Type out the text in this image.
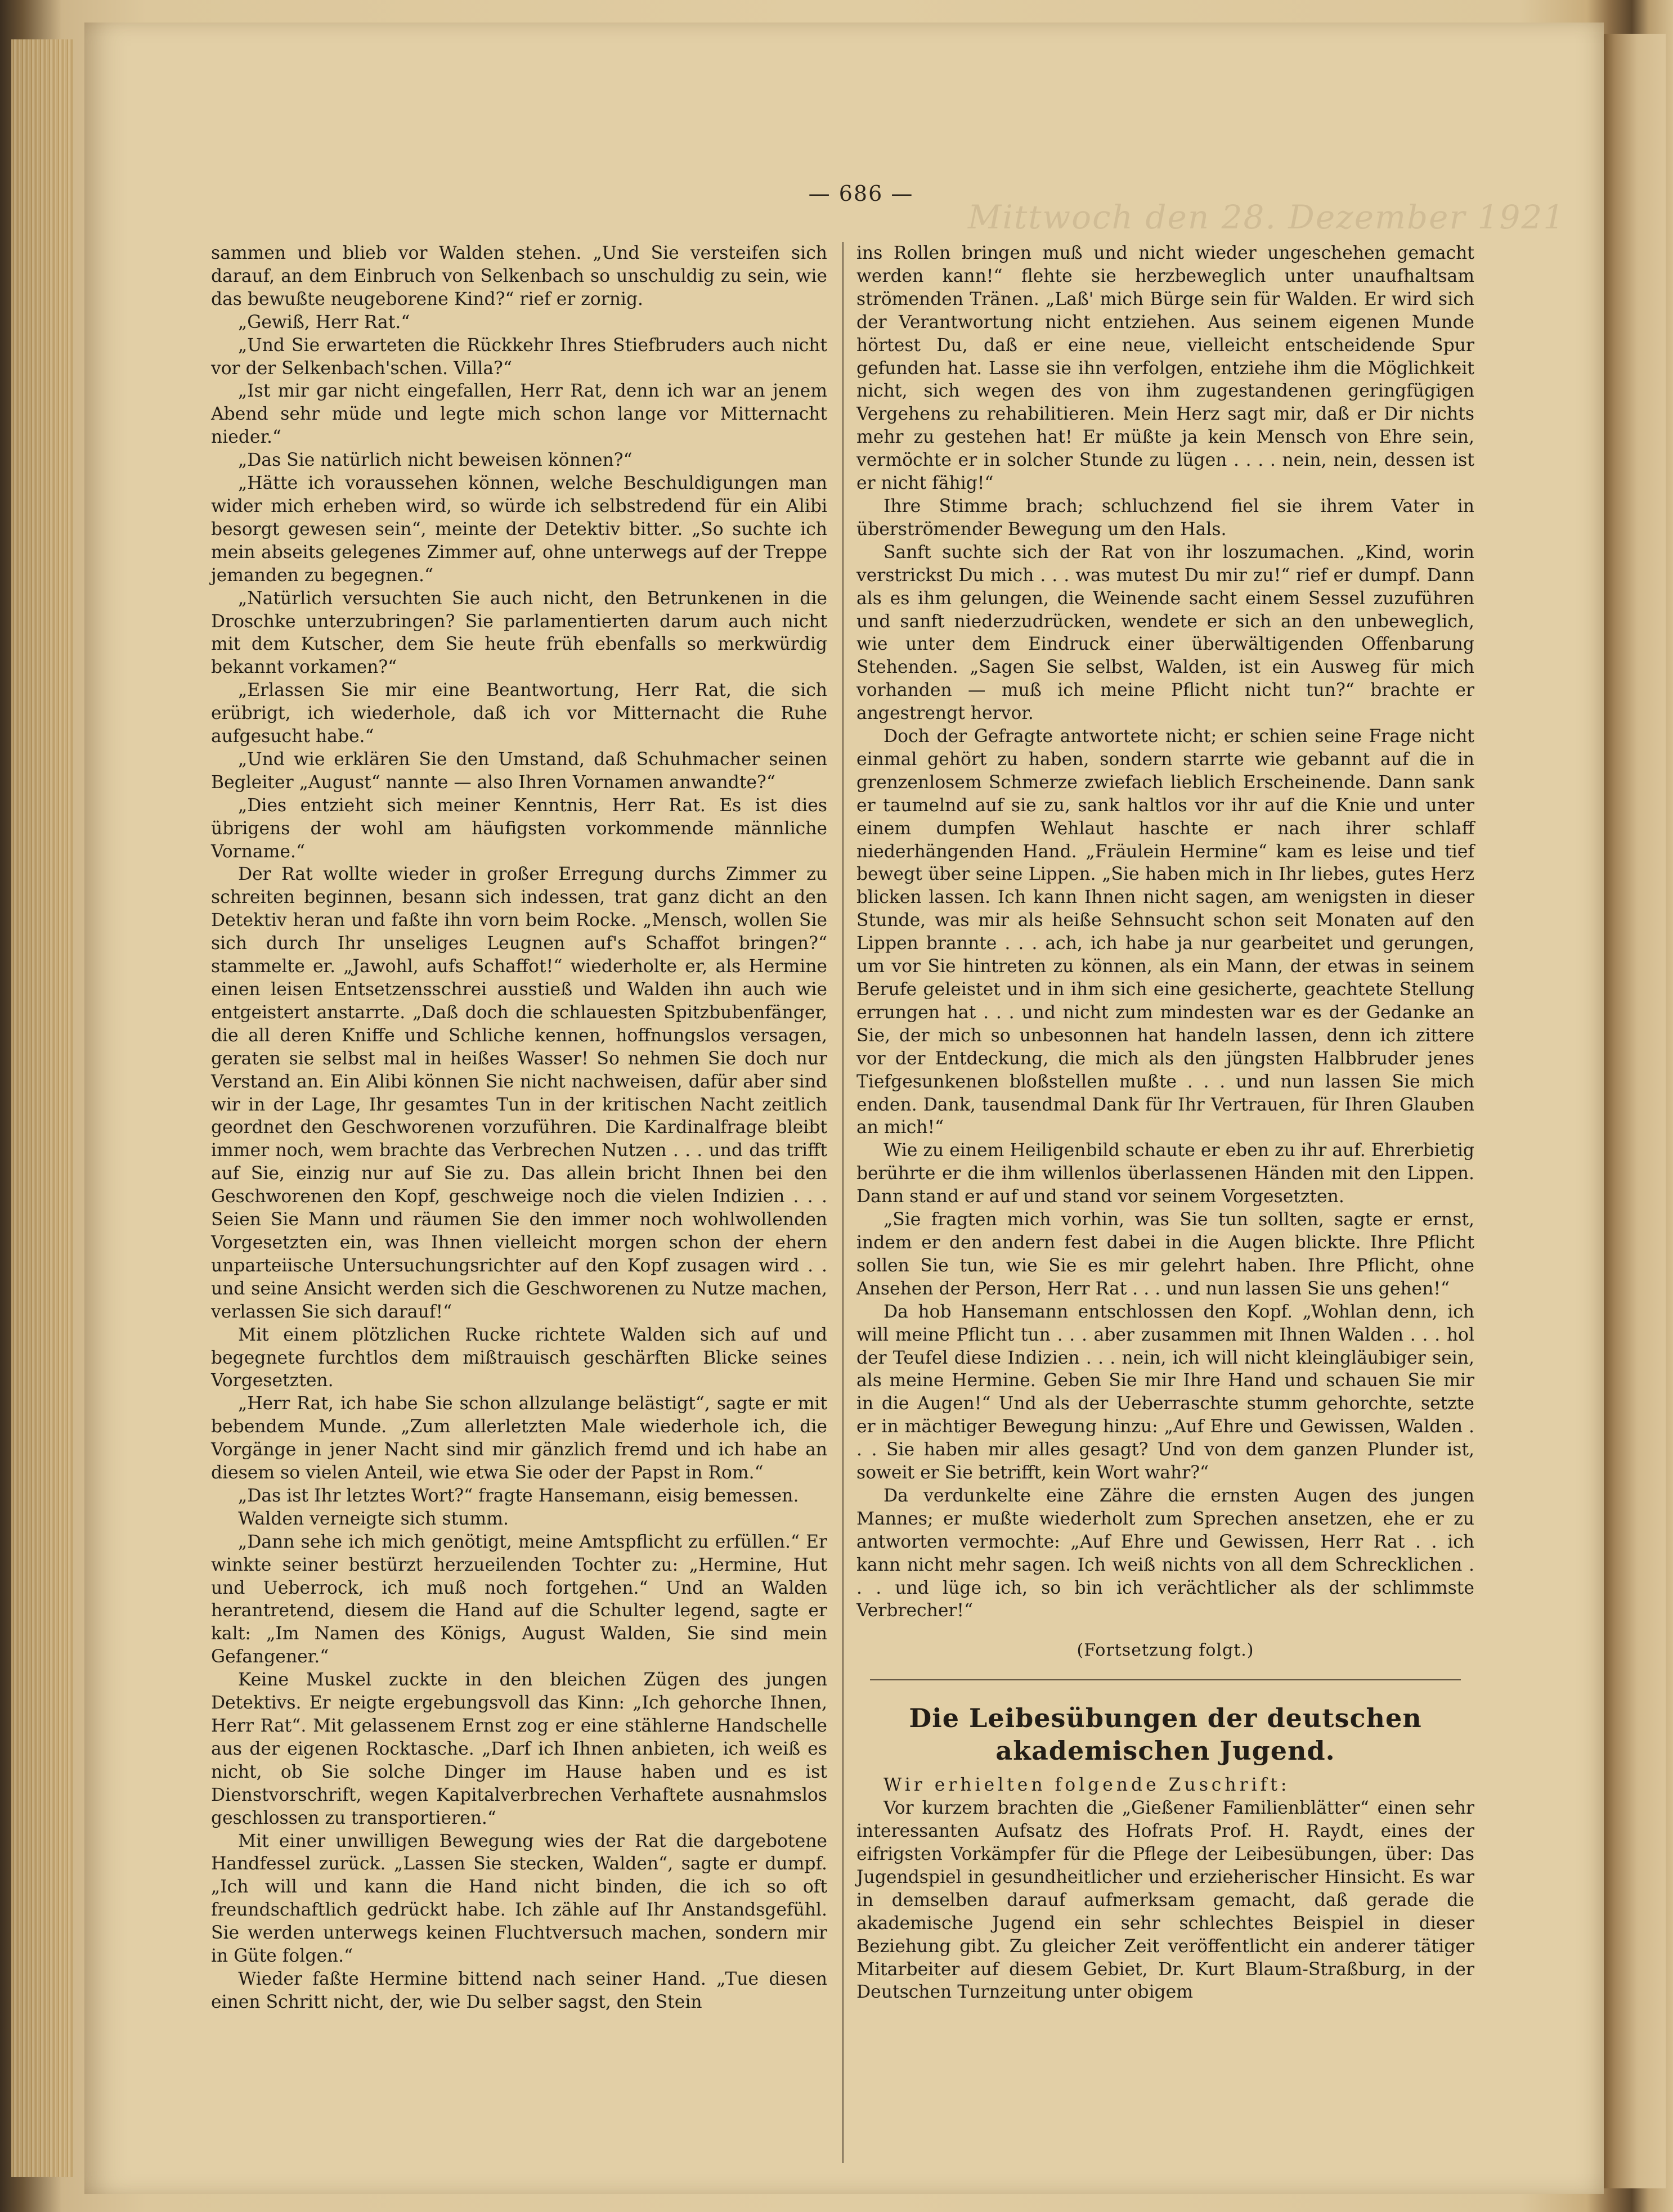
Mittwoch den 28. Dezember 1921
— 686 —

sammen und blieb vor Walden stehen. „Und Sie versteifen sich darauf, an dem Einbruch von Selkenbach so unschuldig zu sein, wie das bewußte neugeborene Kind?“ rief er zornig.

„Gewiß, Herr Rat.“

„Und Sie erwarteten die Rückkehr Ihres Stiefbruders auch nicht vor der Selkenbach'schen. Villa?“

„Ist mir gar nicht eingefallen, Herr Rat, denn ich war an jenem Abend sehr müde und legte mich schon lange vor Mitternacht nieder.“

„Das Sie natürlich nicht beweisen können?“

„Hätte ich voraussehen können, welche Beschuldigungen man wider mich erheben wird, so würde ich selbstredend für ein Alibi besorgt gewesen sein“, meinte der Detektiv bitter. „So suchte ich mein abseits gelegenes Zimmer auf, ohne unterwegs auf der Treppe jemanden zu begegnen.“

„Natürlich versuchten Sie auch nicht, den Betrunkenen in die Droschke unterzubringen? Sie parlamentierten darum auch nicht mit dem Kutscher, dem Sie heute früh ebenfalls so merkwürdig bekannt vorkamen?“

„Erlassen Sie mir eine Beantwortung, Herr Rat, die sich erübrigt, ich wiederhole, daß ich vor Mitternacht die Ruhe aufgesucht habe.“

„Und wie erklären Sie den Umstand, daß Schuhmacher seinen Begleiter „August“ nannte — also Ihren Vornamen anwandte?“

„Dies entzieht sich meiner Kenntnis, Herr Rat. Es ist dies übrigens der wohl am häufigsten vorkommende männliche Vorname.“

Der Rat wollte wieder in großer Erregung durchs Zimmer zu schreiten beginnen, besann sich indessen, trat ganz dicht an den Detektiv heran und faßte ihn vorn beim Rocke. „Mensch, wollen Sie sich durch Ihr unseliges Leugnen auf's Schaffot bringen?“ stammelte er. „Jawohl, aufs Schaffot!“ wiederholte er, als Hermine einen leisen Entsetzensschrei ausstieß und Walden ihn auch wie entgeistert anstarrte. „Daß doch die schlauesten Spitzbubenfänger, die all deren Kniffe und Schliche kennen, hoffnungslos versagen, geraten sie selbst mal in heißes Wasser! So nehmen Sie doch nur Verstand an. Ein Alibi können Sie nicht nachweisen, dafür aber sind wir in der Lage, Ihr gesamtes Tun in der kritischen Nacht zeitlich geordnet den Geschworenen vorzuführen. Die Kardinalfrage bleibt immer noch, wem brachte das Verbrechen Nutzen . . . und das trifft auf Sie, einzig nur auf Sie zu. Das allein bricht Ihnen bei den Geschworenen den Kopf, geschweige noch die vielen Indizien . . . Seien Sie Mann und räumen Sie den immer noch wohlwollenden Vorgesetzten ein, was Ihnen vielleicht morgen schon der ehern unparteiische Untersuchungsrichter auf den Kopf zusagen wird . . und seine Ansicht werden sich die Geschworenen zu Nutze machen, verlassen Sie sich darauf!“

Mit einem plötzlichen Rucke richtete Walden sich auf und begegnete furchtlos dem mißtrauisch geschärften Blicke seines Vorgesetzten.

„Herr Rat, ich habe Sie schon allzulange belästigt“, sagte er mit bebendem Munde. „Zum allerletzten Male wiederhole ich, die Vorgänge in jener Nacht sind mir gänzlich fremd und ich habe an diesem so vielen Anteil, wie etwa Sie oder der Papst in Rom.“

„Das ist Ihr letztes Wort?“ fragte Hansemann, eisig bemessen.

Walden verneigte sich stumm.

„Dann sehe ich mich genötigt, meine Amtspflicht zu erfüllen.“ Er winkte seiner bestürzt herzueilenden Tochter zu: „Hermine, Hut und Ueberrock, ich muß noch fortgehen.“ Und an Walden herantretend, diesem die Hand auf die Schulter legend, sagte er kalt: „Im Namen des Königs, August Walden, Sie sind mein Gefangener.“

Keine Muskel zuckte in den bleichen Zügen des jungen Detektivs. Er neigte ergebungsvoll das Kinn: „Ich gehorche Ihnen, Herr Rat“. Mit gelassenem Ernst zog er eine stählerne Handschelle aus der eigenen Rocktasche. „Darf ich Ihnen anbieten, ich weiß es nicht, ob Sie solche Dinger im Hause haben und es ist Dienstvorschrift, wegen Kapitalverbrechen Verhaftete ausnahmslos geschlossen zu transportieren.“

Mit einer unwilligen Bewegung wies der Rat die dargebotene Handfessel zurück. „Lassen Sie stecken, Walden“, sagte er dumpf. „Ich will und kann die Hand nicht binden, die ich so oft freundschaftlich gedrückt habe. Ich zähle auf Ihr Anstandsgefühl. Sie werden unterwegs keinen Fluchtversuch machen, sondern mir in Güte folgen.“

Wieder faßte Hermine bittend nach seiner Hand. „Tue diesen einen Schritt nicht, der, wie Du selber sagst, den Stein

ins Rollen bringen muß und nicht wieder ungeschehen gemacht werden kann!“ flehte sie herzbeweglich unter unaufhaltsam strömenden Tränen. „Laß' mich Bürge sein für Walden. Er wird sich der Verantwortung nicht entziehen. Aus seinem eigenen Munde hörtest Du, daß er eine neue, vielleicht entscheidende Spur gefunden hat. Lasse sie ihn verfolgen, entziehe ihm die Möglichkeit nicht, sich wegen des von ihm zugestandenen geringfügigen Vergehens zu rehabilitieren. Mein Herz sagt mir, daß er Dir nichts mehr zu gestehen hat! Er müßte ja kein Mensch von Ehre sein, vermöchte er in solcher Stunde zu lügen . . . . nein, nein, dessen ist er nicht fähig!“

Ihre Stimme brach; schluchzend fiel sie ihrem Vater in überströmender Bewegung um den Hals.

Sanft suchte sich der Rat von ihr loszumachen. „Kind, worin verstrickst Du mich . . . was mutest Du mir zu!“ rief er dumpf. Dann als es ihm gelungen, die Weinende sacht einem Sessel zuzuführen und sanft niederzudrücken, wendete er sich an den unbeweglich, wie unter dem Eindruck einer überwältigenden Offenbarung Stehenden. „Sagen Sie selbst, Walden, ist ein Ausweg für mich vorhanden — muß ich meine Pflicht nicht tun?“ brachte er angestrengt hervor.

Doch der Gefragte antwortete nicht; er schien seine Frage nicht einmal gehört zu haben, sondern starrte wie gebannt auf die in grenzenlosem Schmerze zwiefach lieblich Erscheinende. Dann sank er taumelnd auf sie zu, sank haltlos vor ihr auf die Knie und unter einem dumpfen Wehlaut haschte er nach ihrer schlaff niederhängenden Hand. „Fräulein Hermine“ kam es leise und tief bewegt über seine Lippen. „Sie haben mich in Ihr liebes, gutes Herz blicken lassen. Ich kann Ihnen nicht sagen, am wenigsten in dieser Stunde, was mir als heiße Sehnsucht schon seit Monaten auf den Lippen brannte . . . ach, ich habe ja nur gearbeitet und gerungen, um vor Sie hintreten zu können, als ein Mann, der etwas in seinem Berufe geleistet und in ihm sich eine gesicherte, geachtete Stellung errungen hat . . . und nicht zum mindesten war es der Gedanke an Sie, der mich so unbesonnen hat handeln lassen, denn ich zittere vor der Entdeckung, die mich als den jüngsten Halbbruder jenes Tiefgesunkenen bloßstellen mußte . . . und nun lassen Sie mich enden. Dank, tausendmal Dank für Ihr Vertrauen, für Ihren Glauben an mich!“

Wie zu einem Heiligenbild schaute er eben zu ihr auf. Ehrerbietig berührte er die ihm willenlos überlassenen Händen mit den Lippen. Dann stand er auf und stand vor seinem Vorgesetzten.

„Sie fragten mich vorhin, was Sie tun sollten, sagte er ernst, indem er den andern fest dabei in die Augen blickte. Ihre Pflicht sollen Sie tun, wie Sie es mir gelehrt haben. Ihre Pflicht, ohne Ansehen der Person, Herr Rat . . . und nun lassen Sie uns gehen!“

Da hob Hansemann entschlossen den Kopf. „Wohlan denn, ich will meine Pflicht tun . . . aber zusammen mit Ihnen Walden . . . hol der Teufel diese Indizien . . . nein, ich will nicht kleingläubiger sein, als meine Hermine. Geben Sie mir Ihre Hand und schauen Sie mir in die Augen!“ Und als der Ueberraschte stumm gehorchte, setzte er in mächtiger Bewegung hinzu: „Auf Ehre und Gewissen, Walden . . . Sie haben mir alles gesagt? Und von dem ganzen Plunder ist, soweit er Sie betrifft, kein Wort wahr?“

Da verdunkelte eine Zähre die ernsten Augen des jungen Mannes; er mußte wiederholt zum Sprechen ansetzen, ehe er zu antworten vermochte: „Auf Ehre und Gewissen, Herr Rat . . ich kann nicht mehr sagen. Ich weiß nichts von all dem Schrecklichen . . . und lüge ich, so bin ich verächtlicher als der schlimmste Verbrecher!“

(Fortsetzung folgt.)
Die Leibesübungen der deutschen akademischen Jugend.

Wir erhielten folgende Zuschrift:

Vor kurzem brachten die „Gießener Familienblätter“ einen sehr interessanten Aufsatz des Hofrats Prof. H. Raydt, eines der eifrigsten Vorkämpfer für die Pflege der Leibesübungen, über: Das Jugendspiel in gesundheitlicher und erzieherischer Hinsicht. Es war in demselben darauf aufmerksam gemacht, daß gerade die akademische Jugend ein sehr schlechtes Beispiel in dieser Beziehung gibt. Zu gleicher Zeit veröffentlicht ein anderer tätiger Mitarbeiter auf diesem Gebiet, Dr. Kurt Blaum-Straßburg, in der Deutschen Turnzeitung unter obigem
